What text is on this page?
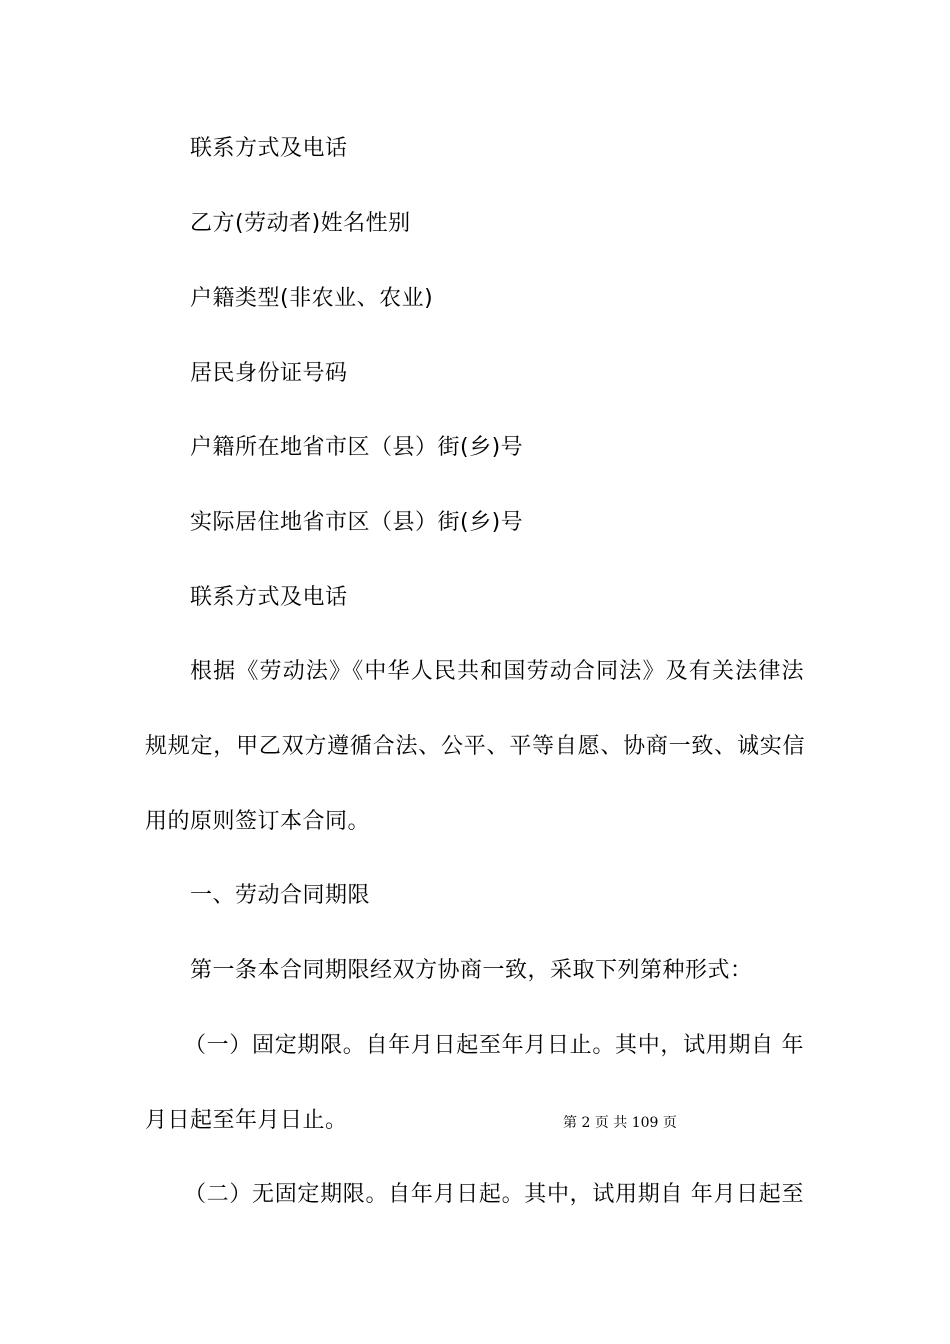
联系方式及电话
乙方(劳动者)姓名性别
户籍类型(非农业、农业)
居民身份证号码
户籍所在地省市区（县）街(乡)号
实际居住地省市区（县）街(乡)号
联系方式及电话
根据《劳动法》《中华人民共和国劳动合同法》及有关法律法
规规定，甲乙双方遵循合法、公平、平等自愿、协商一致、诚实信
用的原则签订本合同。
一、劳动合同期限
第一条本合同期限经双方协商一致，采取下列第种形式：
（一）固定期限。自年月日起至年月日止。其中，试用期自 年
月日起至年月日止。	第 2 页 共 109 页
（二）无固定期限。自年月日起。其中，试用期自 年月日起至
